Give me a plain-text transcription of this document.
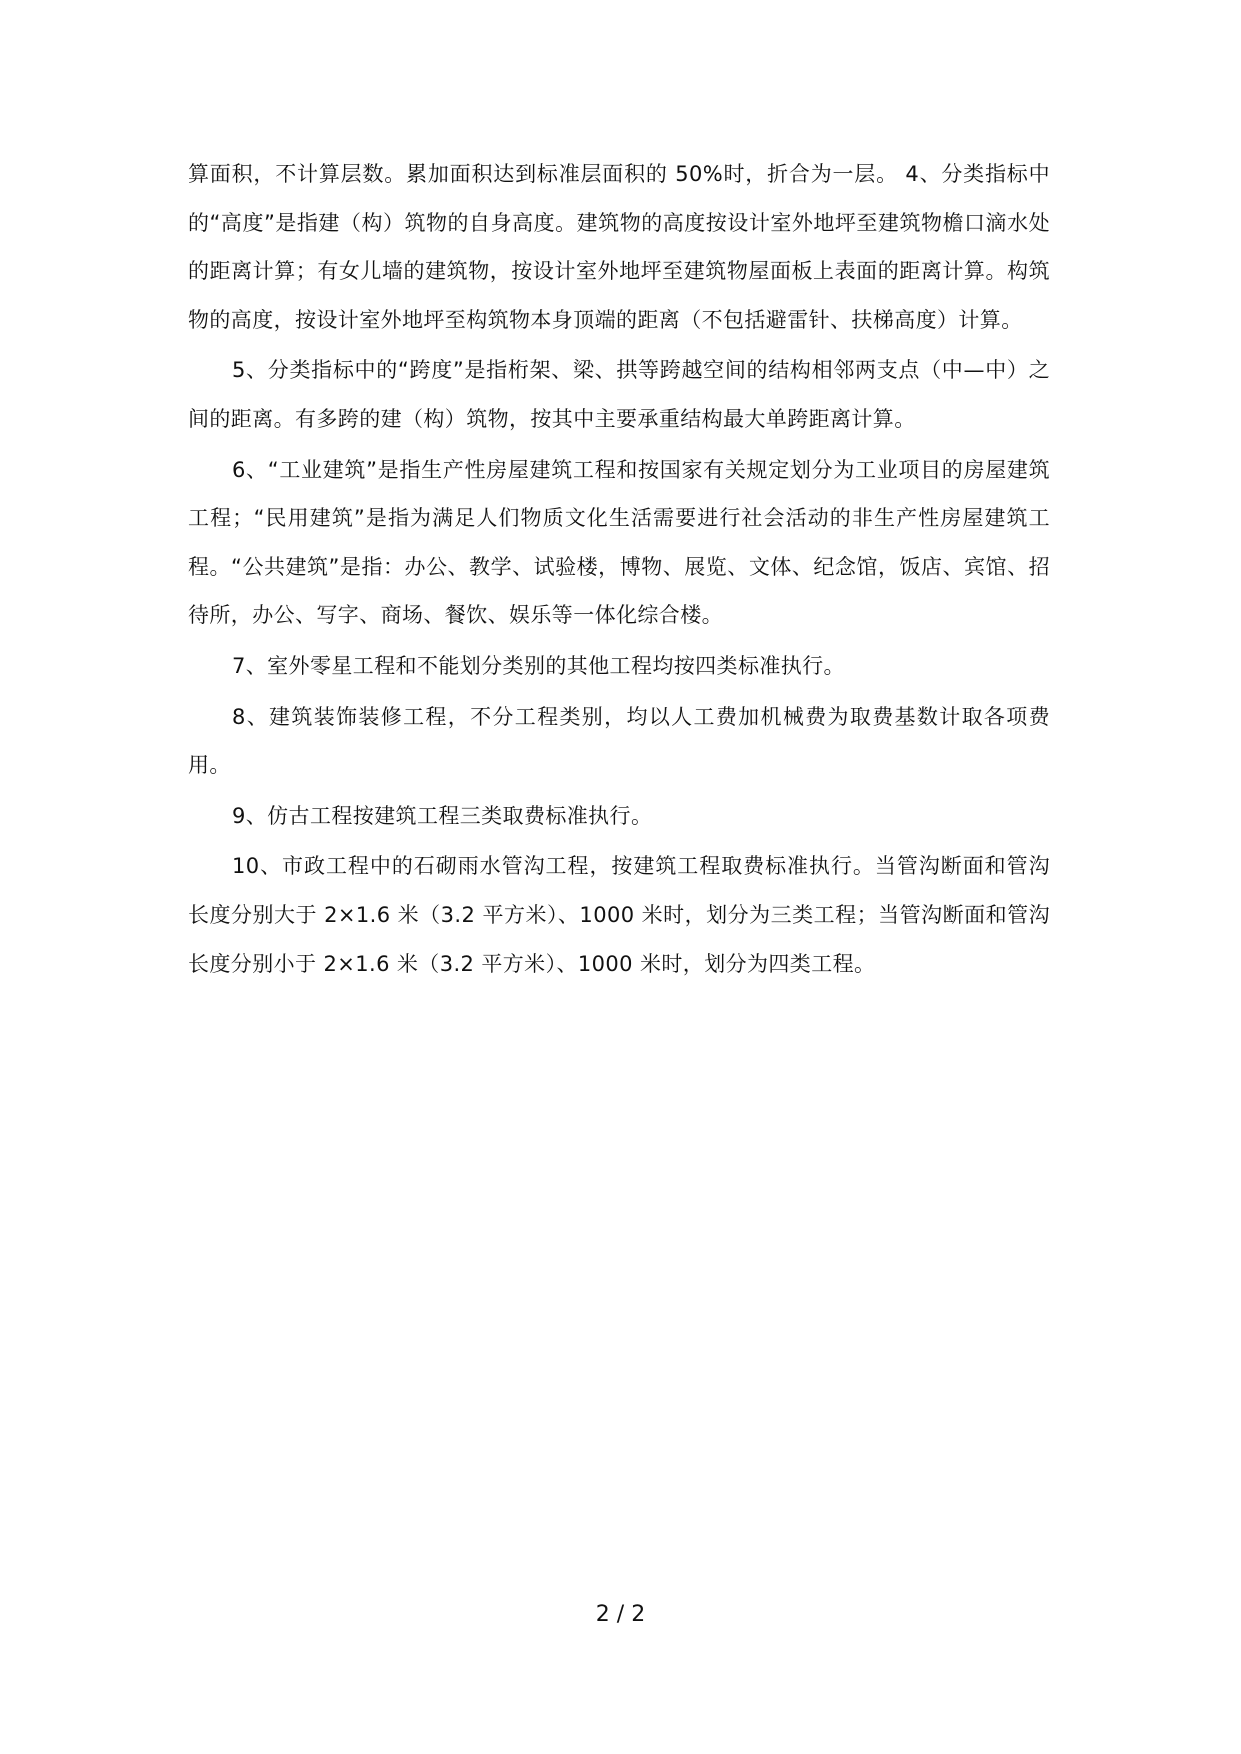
算面积，不计算层数。累加面积达到标准层面积的 50%时，折合为一层。 4、分类指标中的“高度”是指建（构）筑物的自身高度。建筑物的高度按设计室外地坪至建筑物檐口滴水处的距离计算；有女儿墙的建筑物，按设计室外地坪至建筑物屋面板上表面的距离计算。构筑物的高度，按设计室外地坪至构筑物本身顶端的距离（不包括避雷针、扶梯高度）计算。

5、分类指标中的“跨度”是指桁架、梁、拱等跨越空间的结构相邻两支点（中—中）之间的距离。有多跨的建（构）筑物，按其中主要承重结构最大单跨距离计算。

6、“工业建筑”是指生产性房屋建筑工程和按国家有关规定划分为工业项目的房屋建筑工程；“民用建筑”是指为满足人们物质文化生活需要进行社会活动的非生产性房屋建筑工程。“公共建筑”是指：办公、教学、试验楼，博物、展览、文体、纪念馆，饭店、宾馆、招待所，办公、写字、商场、餐饮、娱乐等一体化综合楼。

7、室外零星工程和不能划分类别的其他工程均按四类标准执行。

8、建筑装饰装修工程，不分工程类别，均以人工费加机械费为取费基数计取各项费用。

9、仿古工程按建筑工程三类取费标准执行。

10、市政工程中的石砌雨水管沟工程，按建筑工程取费标准执行。当管沟断面和管沟长度分别大于 2×1.6 米（3.2 平方米）、1000 米时，划分为三类工程；当管沟断面和管沟长度分别小于 2×1.6 米（3.2 平方米）、1000 米时，划分为四类工程。

2 / 2
